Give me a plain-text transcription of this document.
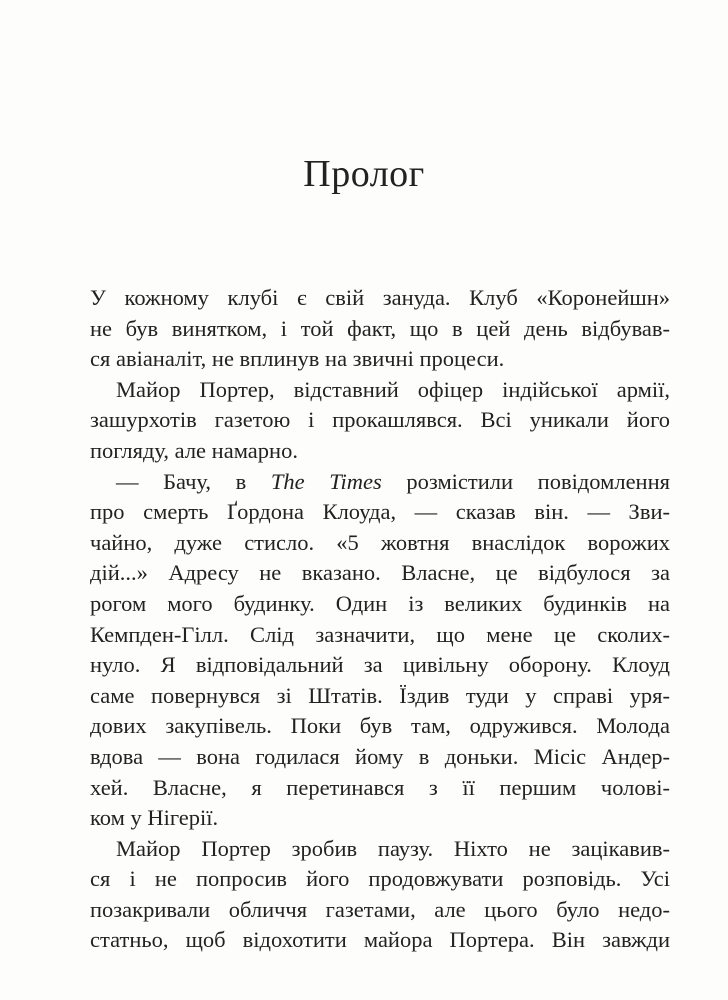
Пролог

У кожному клубі є свій зануда. Клуб «Коронейшн»

не був винятком, і той факт, що в цей день відбував-

ся авіаналіт, не вплинув на звичні процеси.

Майор Портер, відставний офіцер індійської армії,

зашурхотів газетою і прокашлявся. Всі уникали його

погляду, але намарно.

— Бачу, в The Times розмістили повідомлення

про смерть Ґордона Клоуда, — сказав він. — Зви-

чайно, дуже стисло. «5 жовтня внаслідок ворожих

дій...» Адресу не вказано. Власне, це відбулося за

рогом мого будинку. Один із великих будинків на

Кемпден-Гілл. Слід зазначити, що мене це сколих-

нуло. Я відповідальний за цивільну оборону. Клоуд

саме повернувся зі Штатів. Їздив туди у справі уря-

дових закупівель. Поки був там, одружився. Молода

вдова — вона годилася йому в доньки. Місіс Андер-

хей. Власне, я перетинався з її першим чолові-

ком у Нігерії.

Майор Портер зробив паузу. Ніхто не зацікавив-

ся і не попросив його продовжувати розповідь. Усі

позакривали обличчя газетами, але цього було недо-

статньо, щоб відохотити майора Портера. Він завжди
